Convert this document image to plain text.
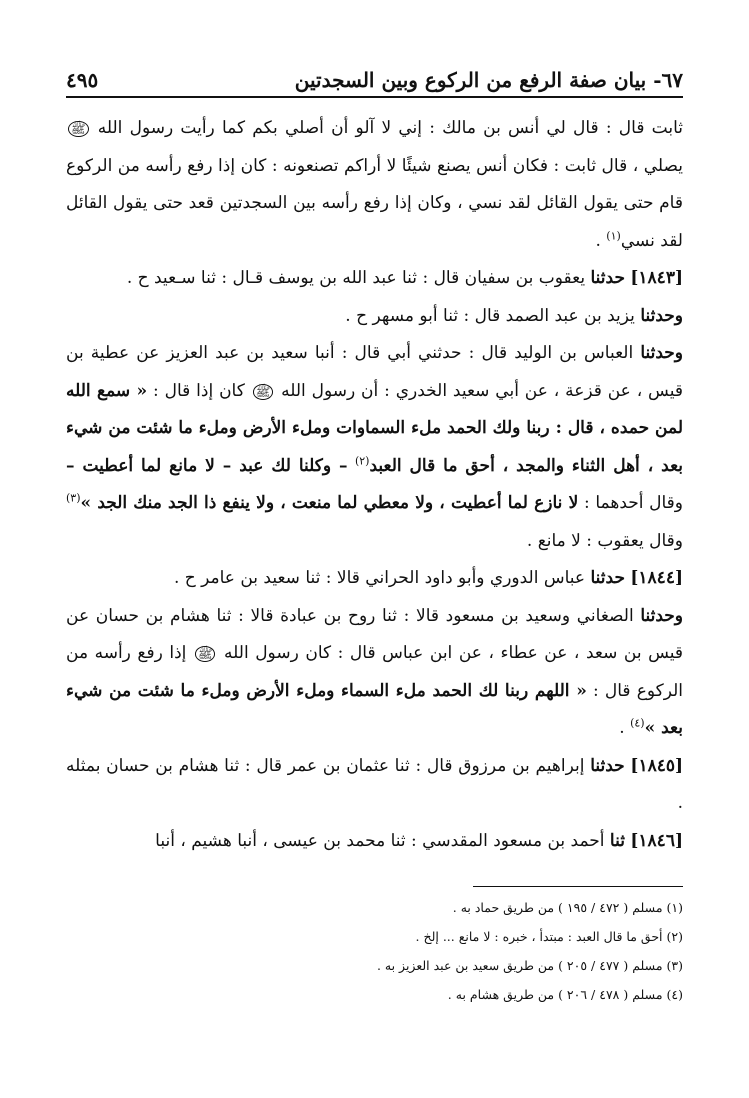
٦٧- بيان صفة الرفع من الركوع وبين السجدتين
٤٩٥

ثابت قال : قال لي أنس بن مالك : إني لا آلو أن أصلي بكم كما رأيت رسول الله ﷺ يصلي ، قال ثابت : فكان أنس يصنع شيئًا لا أراكم تصنعونه : كان إذا رفع رأسه من الركوع قام حتى يقول القائل لقد نسي ، وكان إذا رفع رأسه بين السجدتين قعد حتى يقول القائل لقد نسي$^{(١)}$ .

[١٨٤٣] حدثنا يعقوب بن سفيان قال : ثنا عبد الله بن يوسف قـال : ثنا سـعيد ح .

وحدثنا يزيد بن عبد الصمد قال : ثنا أبو مسهر ح .

وحدثنا العباس بن الوليد قال : حدثني أبي قال : أنبا سعيد بن عبد العزيز عن عطية بن قيس ، عن قزعة ، عن أبي سعيد الخدري : أن رسول الله ﷺ كان إذا قال : « سمع الله لمن حمده ، قال : ربنا ولك الحمد ملء السماوات وملء الأرض وملء ما شئت من شيء بعد ، أهل الثناء والمجد ، أحق ما قال العبد$^{(٢)}$ – وكلنا لك عبد – لا مانع لما أعطيت – وقال أحدهما : لا نازع لما أعطيت ، ولا معطي لما منعت ، ولا ينفع ذا الجد منك الجد »$^{(٣)}$ وقال يعقوب : لا مانع .

[١٨٤٤] حدثنا عباس الدوري وأبو داود الحراني قالا : ثنا سعيد بن عامر ح .

وحدثنا الصغاني وسعيد بن مسعود قالا : ثنا روح بن عبادة قالا : ثنا هشام بن حسان عن قيس بن سعد ، عن عطاء ، عن ابن عباس قال : كان رسول الله ﷺ إذا رفع رأسه من الركوع قال : « اللهم ربنا لك الحمد ملء السماء وملء الأرض وملء ما شئت من شيء بعد »$^{(٤)}$ .

[١٨٤٥] حدثنا إبراهيم بن مرزوق قال : ثنا عثمان بن عمر قال : ثنا هشام بن حسان بمثله .

[١٨٤٦] ثنا أحمد بن مسعود المقدسي : ثنا محمد بن عيسى ، أنبا هشيم ، أنبا

(١) مسلم ( ٤٧٢ / ١٩٥ ) من طريق حماد به .

(٢) أحق ما قال العبد : مبتدأ ، خبره : لا مانع ... إلخ .

(٣) مسلم ( ٤٧٧ / ٢٠٥ ) من طريق سعيد بن عبد العزيز به .

(٤) مسلم ( ٤٧٨ / ٢٠٦ ) من طريق هشام به .
